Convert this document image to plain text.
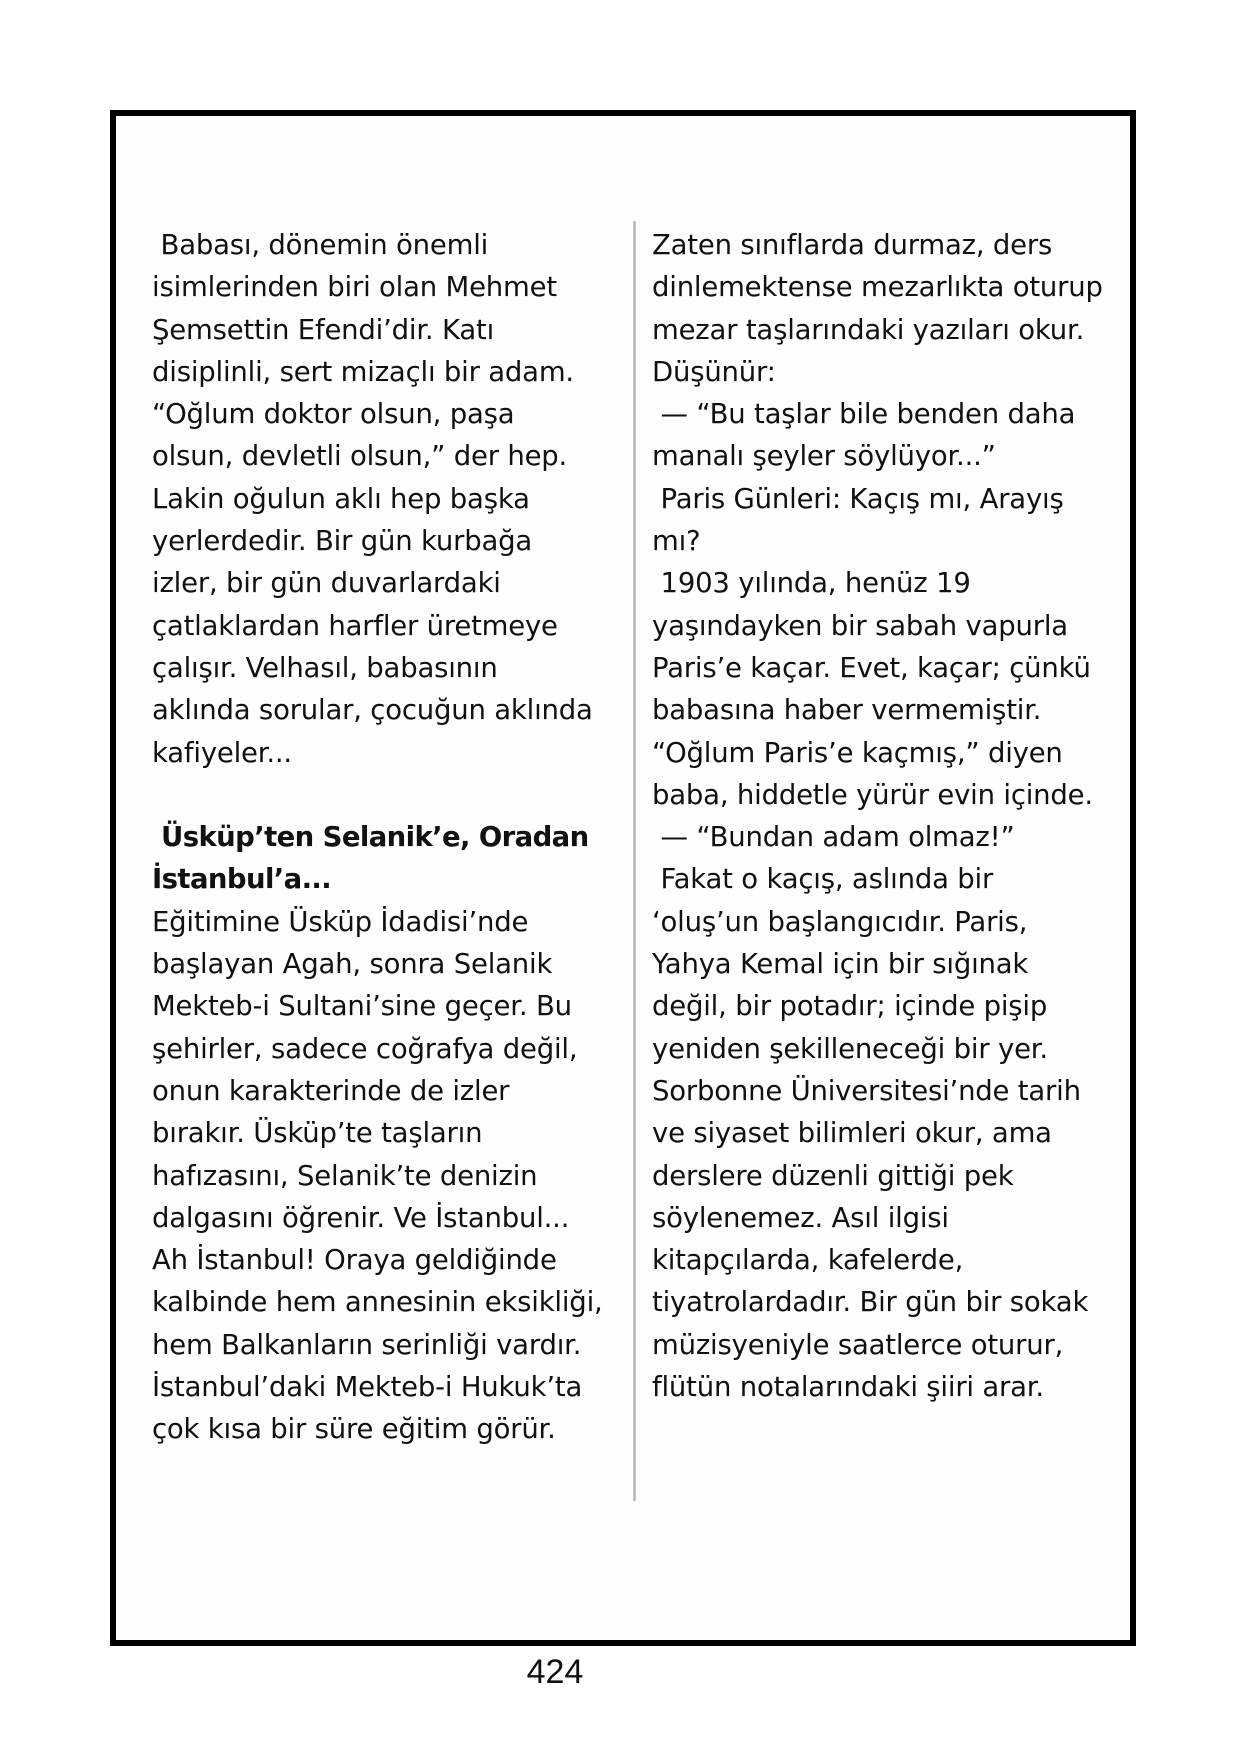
Babası, dönemin önemli
isimlerinden biri olan Mehmet
Şemsettin Efendi’dir. Katı
disiplinli, sert mizaçlı bir adam.
“Oğlum doktor olsun, paşa
olsun, devletli olsun,” der hep.
Lakin oğulun aklı hep başka
yerlerdedir. Bir gün kurbağa
izler, bir gün duvarlardaki
çatlaklardan harfler üretmeye
çalışır. Velhasıl, babasının
aklında sorular, çocuğun aklında
kafiyeler...
Üsküp’ten Selanik’e, Oradan
İstanbul’a...
Eğitimine Üsküp İdadisi’nde
başlayan Agah, sonra Selanik
Mekteb-i Sultani’sine geçer. Bu
şehirler, sadece coğrafya değil,
onun karakterinde de izler
bırakır. Üsküp’te taşların
hafızasını, Selanik’te denizin
dalgasını öğrenir. Ve İstanbul...
Ah İstanbul! Oraya geldiğinde
kalbinde hem annesinin eksikliği,
hem Balkanların serinliği vardır.
İstanbul’daki Mekteb-i Hukuk’ta
çok kısa bir süre eğitim görür.
Zaten sınıflarda durmaz, ders
dinlemektense mezarlıkta oturup
mezar taşlarındaki yazıları okur.
Düşünür:
— “Bu taşlar bile benden daha
manalı şeyler söylüyor...”
Paris Günleri: Kaçış mı, Arayış
mı?
1903 yılında, henüz 19
yaşındayken bir sabah vapurla
Paris’e kaçar. Evet, kaçar; çünkü
babasına haber vermemiştir.
“Oğlum Paris’e kaçmış,” diyen
baba, hiddetle yürür evin içinde.
— “Bundan adam olmaz!”
Fakat o kaçış, aslında bir
‘oluş’un başlangıcıdır. Paris,
Yahya Kemal için bir sığınak
değil, bir potadır; içinde pişip
yeniden şekilleneceği bir yer.
Sorbonne Üniversitesi’nde tarih
ve siyaset bilimleri okur, ama
derslere düzenli gittiği pek
söylenemez. Asıl ilgisi
kitapçılarda, kafelerde,
tiyatrolardadır. Bir gün bir sokak
müzisyeniyle saatlerce oturur,
flütün notalarındaki şiiri arar.
424
